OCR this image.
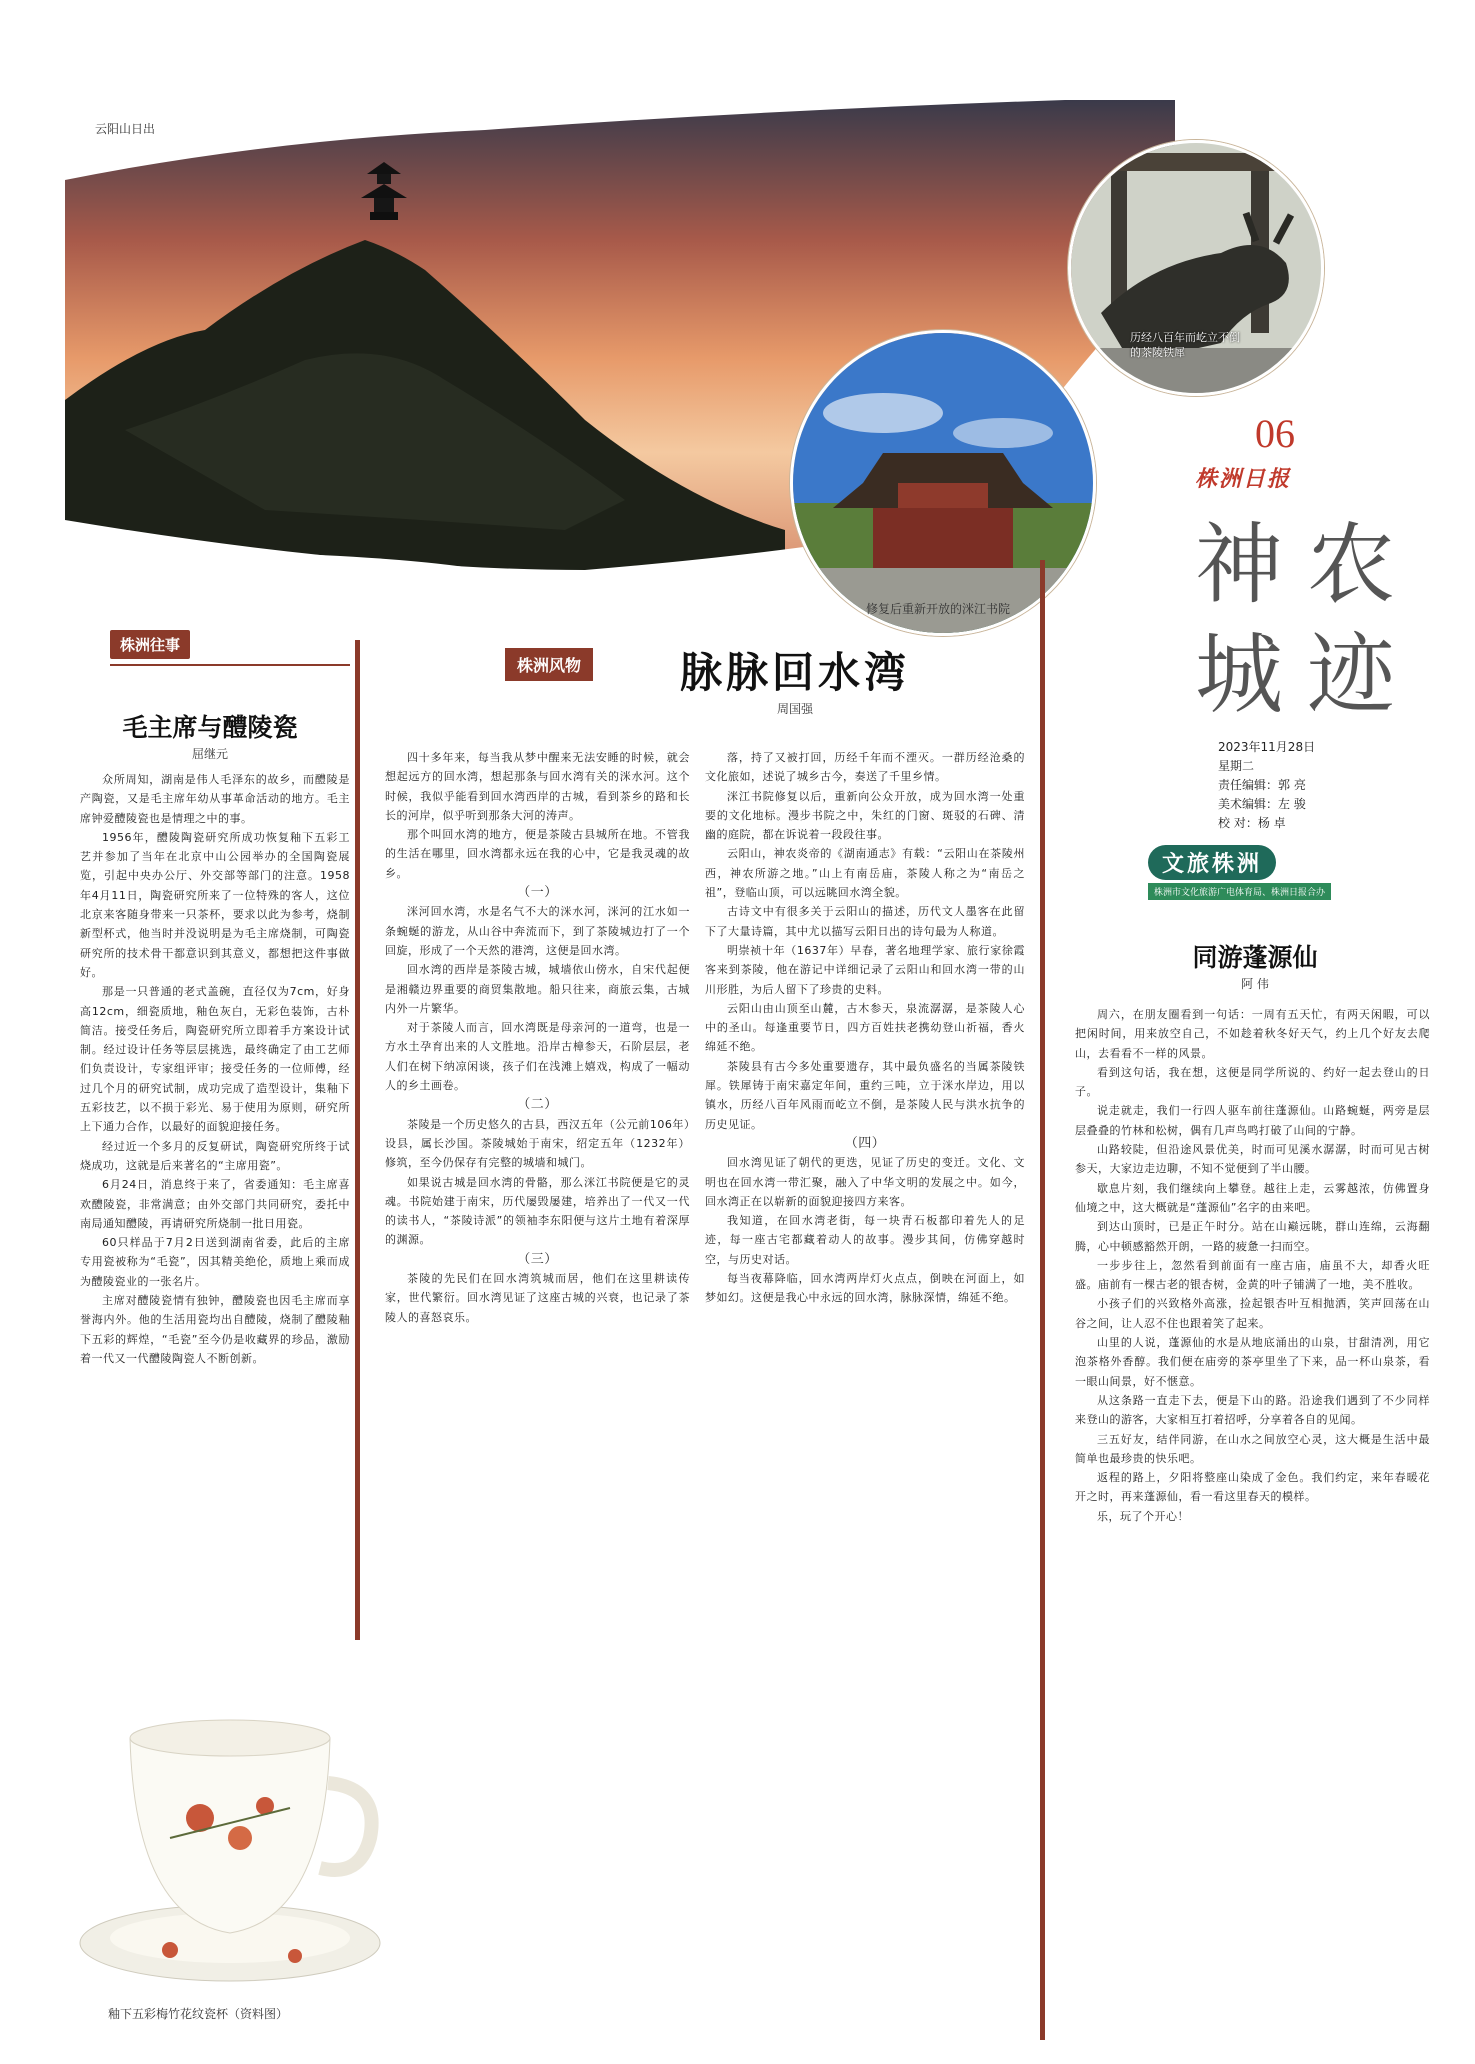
云阳山日出
历经八百年而屹立不倒的茶陵铁犀
修复后重新开放的洣江书院
06
株洲日报
神农城迹
2023年11月28日
星期二
责任编辑：郭 亮
美术编辑：左 骏
校 对：杨 卓
株洲往事
毛主席与醴陵瓷
屈继元

众所周知，湖南是伟人毛泽东的故乡，而醴陵是产陶瓷，又是毛主席年幼从事革命活动的地方。毛主席钟爱醴陵瓷也是情理之中的事。

1956年，醴陵陶瓷研究所成功恢复釉下五彩工艺并参加了当年在北京中山公园举办的全国陶瓷展览，引起中央办公厅、外交部等部门的注意。1958年4月11日，陶瓷研究所来了一位特殊的客人，这位北京来客随身带来一只茶杯，要求以此为参考，烧制新型杯式，他当时并没说明是为毛主席烧制，可陶瓷研究所的技术骨干都意识到其意义，都想把这件事做好。

那是一只普通的老式盖碗，直径仅为7cm，好身高12cm，细瓷质地，釉色灰白，无彩色装饰，古朴简洁。接受任务后，陶瓷研究所立即着手方案设计试制。经过设计任务等层层挑选，最终确定了由工艺师们负责设计，专家组评审；接受任务的一位师傅，经过几个月的研究试制，成功完成了造型设计，集釉下五彩技艺，以不损于彩光、易于使用为原则，研究所上下通力合作，以最好的面貌迎接任务。

经过近一个多月的反复研试，陶瓷研究所终于试烧成功，这就是后来著名的“主席用瓷”。

6月24日，消息终于来了，省委通知：毛主席喜欢醴陵瓷，非常满意；由外交部门共同研究，委托中南局通知醴陵，再请研究所烧制一批日用瓷。

60只样品于7月2日送到湖南省委，此后的主席专用瓷被称为“毛瓷”，因其精美绝伦，质地上乘而成为醴陵瓷业的一张名片。

主席对醴陵瓷情有独钟，醴陵瓷也因毛主席而享誉海内外。他的生活用瓷均出自醴陵，烧制了醴陵釉下五彩的辉煌，“毛瓷”至今仍是收藏界的珍品，激励着一代又一代醴陵陶瓷人不断创新。

釉下五彩梅竹花纹瓷杯（资料图）
株洲风物	脉脉回水湾
周国强

四十多年来，每当我从梦中醒来无法安睡的时候，就会想起远方的回水湾，想起那条与回水湾有关的洣水河。这个时候，我似乎能看到回水湾西岸的古城，看到茶乡的路和长长的河岸，似乎听到那条大河的涛声。

那个叫回水湾的地方，便是茶陵古县城所在地。不管我的生活在哪里，回水湾都永远在我的心中，它是我灵魂的故乡。

（一）

洣河回水湾，水是名气不大的洣水河，洣河的江水如一条蜿蜒的游龙，从山谷中奔流而下，到了茶陵城边打了一个回旋，形成了一个天然的港湾，这便是回水湾。

回水湾的西岸是茶陵古城，城墙依山傍水，自宋代起便是湘赣边界重要的商贸集散地。船只往来，商旅云集，古城内外一片繁华。

对于茶陵人而言，回水湾既是母亲河的一道弯，也是一方水土孕育出来的人文胜地。沿岸古樟参天，石阶层层，老人们在树下纳凉闲谈，孩子们在浅滩上嬉戏，构成了一幅动人的乡土画卷。

（二）

茶陵是一个历史悠久的古县，西汉五年（公元前106年）设县，属长沙国。茶陵城始于南宋，绍定五年（1232年）修筑，至今仍保存有完整的城墙和城门。

如果说古城是回水湾的骨骼，那么洣江书院便是它的灵魂。书院始建于南宋，历代屡毁屡建，培养出了一代又一代的读书人，“茶陵诗派”的领袖李东阳便与这片土地有着深厚的渊源。

（三）

茶陵的先民们在回水湾筑城而居，他们在这里耕读传家，世代繁衍。回水湾见证了这座古城的兴衰，也记录了茶陵人的喜怒哀乐。

落，持了又被打回，历经千年而不湮灭。一群历经沧桑的文化旅如，述说了城乡古今，奏送了千里乡情。

洣江书院修复以后，重新向公众开放，成为回水湾一处重要的文化地标。漫步书院之中，朱红的门窗、斑驳的石碑、清幽的庭院，都在诉说着一段段往事。

云阳山，神农炎帝的《湖南通志》有载：“云阳山在茶陵州西，神农所游之地。”山上有南岳庙，茶陵人称之为“南岳之祖”，登临山顶，可以远眺回水湾全貌。

古诗文中有很多关于云阳山的描述，历代文人墨客在此留下了大量诗篇，其中尤以描写云阳日出的诗句最为人称道。

明崇祯十年（1637年）早春，著名地理学家、旅行家徐霞客来到茶陵，他在游记中详细记录了云阳山和回水湾一带的山川形胜，为后人留下了珍贵的史料。

云阳山由山顶至山麓，古木参天，泉流潺潺，是茶陵人心中的圣山。每逢重要节日，四方百姓扶老携幼登山祈福，香火绵延不绝。

茶陵县有古今多处重要遗存，其中最负盛名的当属茶陵铁犀。铁犀铸于南宋嘉定年间，重约三吨，立于洣水岸边，用以镇水，历经八百年风雨而屹立不倒，是茶陵人民与洪水抗争的历史见证。

（四）

回水湾见证了朝代的更迭，见证了历史的变迁。文化、文明也在回水湾一带汇聚，融入了中华文明的发展之中。如今，回水湾正在以崭新的面貌迎接四方来客。

我知道，在回水湾老街，每一块青石板都印着先人的足迹，每一座古宅都藏着动人的故事。漫步其间，仿佛穿越时空，与历史对话。

每当夜幕降临，回水湾两岸灯火点点，倒映在河面上，如梦如幻。这便是我心中永远的回水湾，脉脉深情，绵延不绝。

文旅株洲
株洲市文化旅游广电体育局、株洲日报合办
同游蓬源仙
阿 伟

周六，在朋友圈看到一句话：一周有五天忙，有两天闲暇，可以把闲时间，用来放空自己，不如趁着秋冬好天气，约上几个好友去爬山，去看看不一样的风景。

看到这句话，我在想，这便是同学所说的、约好一起去登山的日子。

说走就走，我们一行四人驱车前往蓬源仙。山路蜿蜒，两旁是层层叠叠的竹林和松树，偶有几声鸟鸣打破了山间的宁静。

山路较陡，但沿途风景优美，时而可见溪水潺潺，时而可见古树参天，大家边走边聊，不知不觉便到了半山腰。

歇息片刻，我们继续向上攀登。越往上走，云雾越浓，仿佛置身仙境之中，这大概就是“蓬源仙”名字的由来吧。

到达山顶时，已是正午时分。站在山巅远眺，群山连绵，云海翻腾，心中顿感豁然开朗，一路的疲惫一扫而空。

一步步往上，忽然看到前面有一座古庙，庙虽不大，却香火旺盛。庙前有一棵古老的银杏树，金黄的叶子铺满了一地，美不胜收。

小孩子们的兴致格外高涨，捡起银杏叶互相抛洒，笑声回荡在山谷之间，让人忍不住也跟着笑了起来。

山里的人说，蓬源仙的水是从地底涌出的山泉，甘甜清冽，用它泡茶格外香醇。我们便在庙旁的茶亭里坐了下来，品一杯山泉茶，看一眼山间景，好不惬意。

从这条路一直走下去，便是下山的路。沿途我们遇到了不少同样来登山的游客，大家相互打着招呼，分享着各自的见闻。

三五好友，结伴同游，在山水之间放空心灵，这大概是生活中最简单也最珍贵的快乐吧。

返程的路上，夕阳将整座山染成了金色。我们约定，来年春暖花开之时，再来蓬源仙，看一看这里春天的模样。

乐，玩了个开心！
